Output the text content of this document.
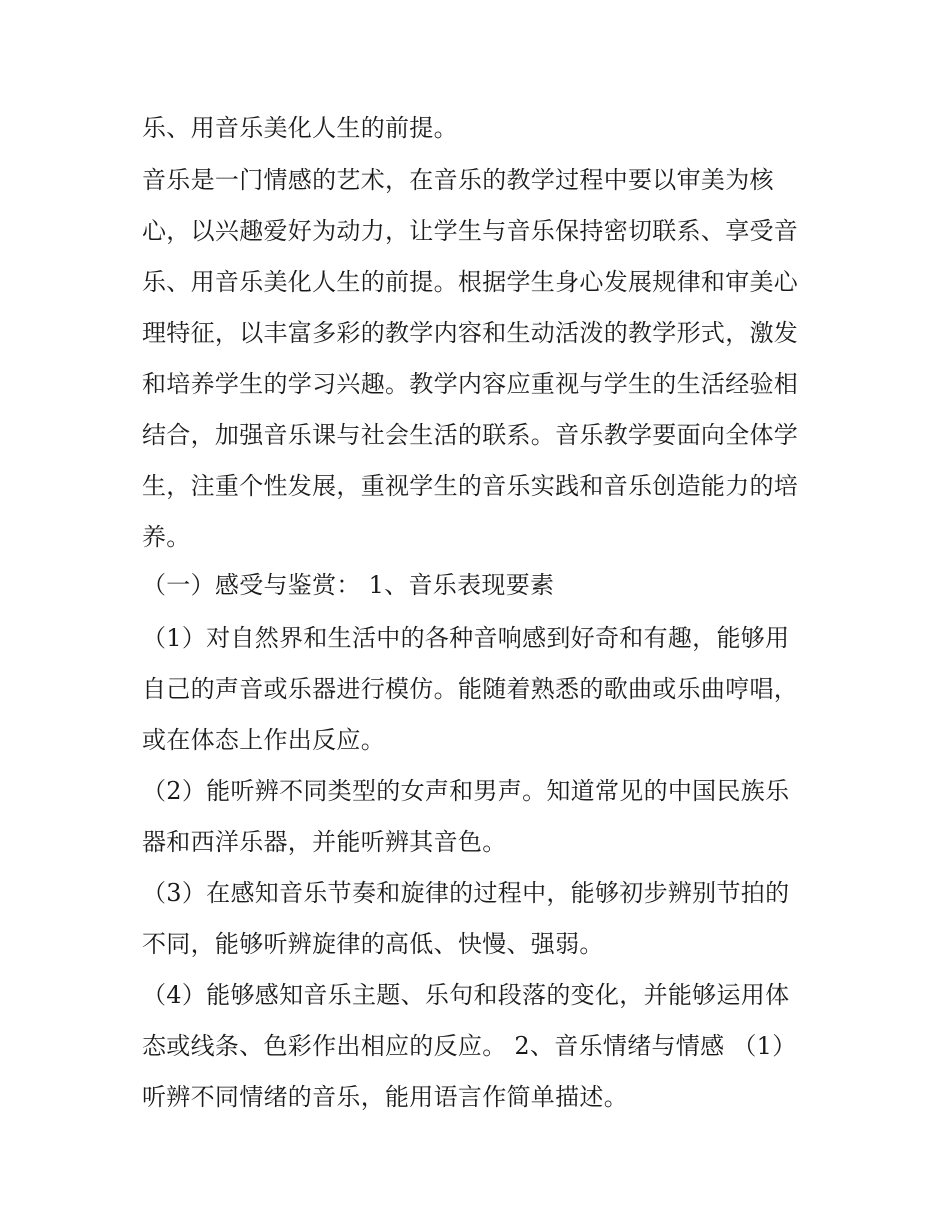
乐、用音乐美化人生的前提。
音乐是一门情感的艺术，在音乐的教学过程中要以审美为核
心，以兴趣爱好为动力，让学生与音乐保持密切联系、享受音
乐、用音乐美化人生的前提。根据学生身心发展规律和审美心
理特征，以丰富多彩的教学内容和生动活泼的教学形式，激发
和培养学生的学习兴趣。教学内容应重视与学生的生活经验相
结合，加强音乐课与社会生活的联系。音乐教学要面向全体学
生，注重个性发展，重视学生的音乐实践和音乐创造能力的培
养。
（一）感受与鉴赏： 1、音乐表现要素
（1）对自然界和生活中的各种音响感到好奇和有趣，能够用
自己的声音或乐器进行模仿。能随着熟悉的歌曲或乐曲哼唱，
或在体态上作出反应。
（2）能听辨不同类型的女声和男声。知道常见的中国民族乐
器和西洋乐器，并能听辨其音色。
（3）在感知音乐节奏和旋律的过程中，能够初步辨别节拍的
不同，能够听辨旋律的高低、快慢、强弱。
（4）能够感知音乐主题、乐句和段落的变化，并能够运用体
态或线条、色彩作出相应的反应。 2、音乐情绪与情感 （1）
听辨不同情绪的音乐，能用语言作简单描述。
